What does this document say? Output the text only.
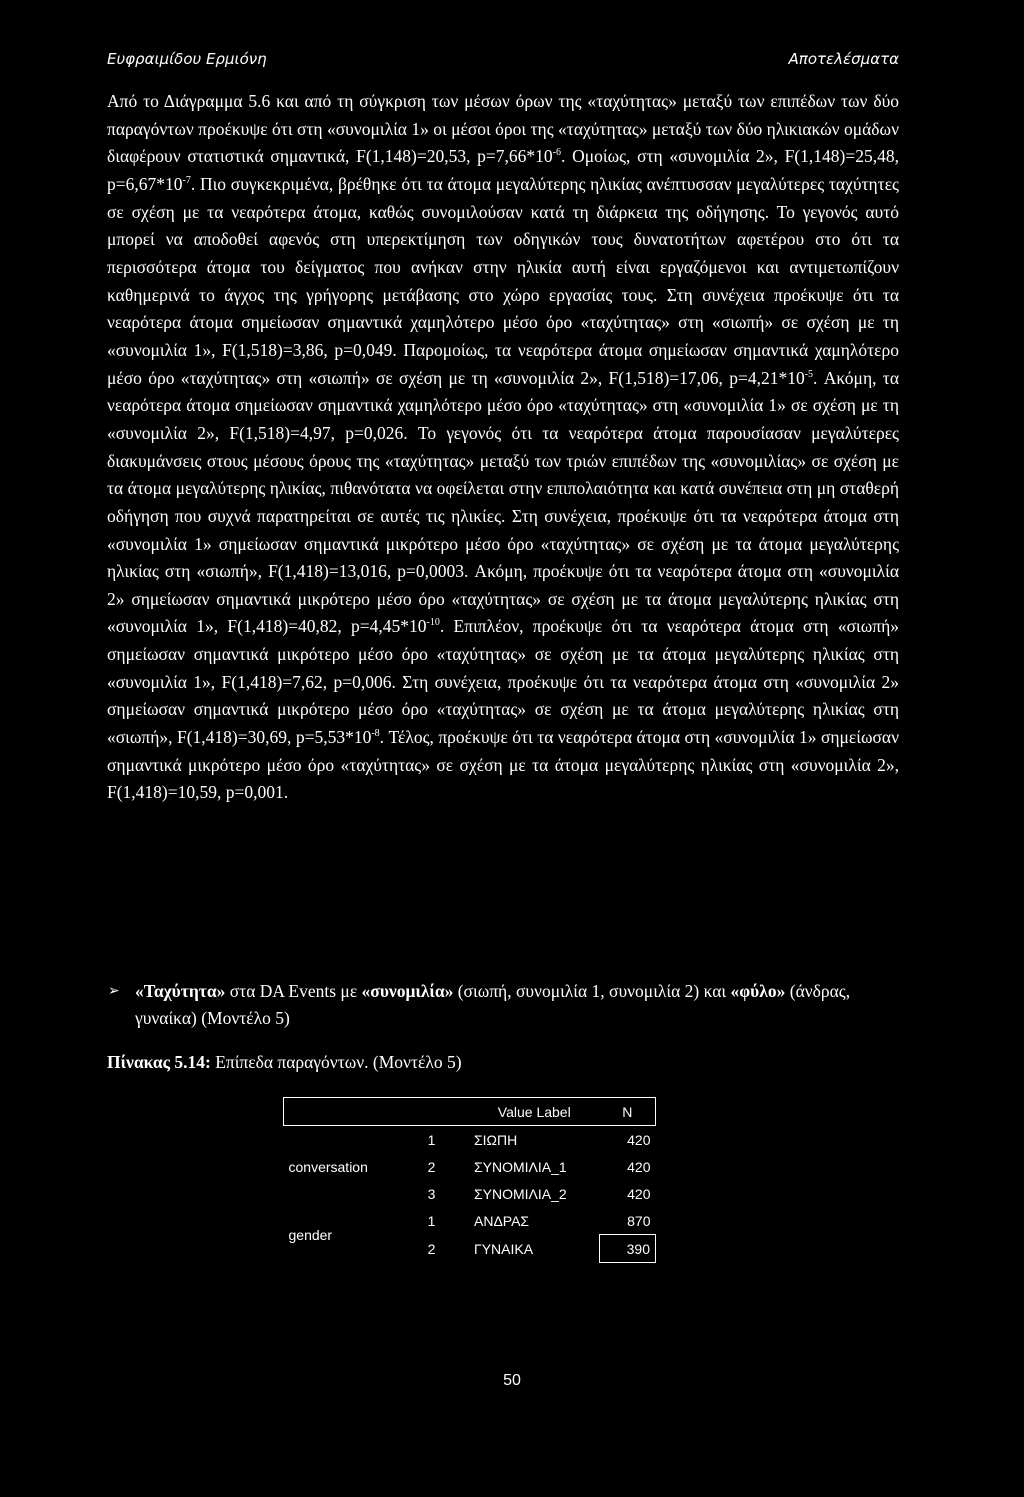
Ευφραιμίδου Ερμιόνη	Αποτελέσματα

Από το Διάγραμμα 5.6 και από τη σύγκριση των μέσων όρων της «ταχύτητας» μεταξύ των επιπέδων των δύο παραγόντων προέκυψε ότι στη «συνομιλία 1» οι μέσοι όροι της «ταχύτητας» μεταξύ των δύο ηλικιακών ομάδων διαφέρουν στατιστικά σημαντικά, F(1,148)=20,53, $p=7,66*10^{-6}$. Ομοίως, στη «συνομιλία 2», F(1,148)=25,48, $p=6,67*10^{-7}$. Πιο συγκεκριμένα, βρέθηκε ότι τα άτομα μεγαλύτερης ηλικίας ανέπτυσσαν μεγαλύτερες ταχύτητες σε σχέση με τα νεαρότερα άτομα, καθώς συνομιλούσαν κατά τη διάρκεια της οδήγησης. Το γεγονός αυτό μπορεί να αποδοθεί αφενός στη υπερεκτίμηση των οδηγικών τους δυνατοτήτων αφετέρου στο ότι τα περισσότερα άτομα του δείγματος που ανήκαν στην ηλικία αυτή είναι εργαζόμενοι και αντιμετωπίζουν καθημερινά το άγχος της γρήγορης μετάβασης στο χώρο εργασίας τους. Στη συνέχεια προέκυψε ότι τα νεαρότερα άτομα σημείωσαν σημαντικά χαμηλότερο μέσο όρο «ταχύτητας» στη «σιωπή» σε σχέση με τη «συνομιλία 1», F(1,518)=3,86, p=0,049. Παρομοίως, τα νεαρότερα άτομα σημείωσαν σημαντικά χαμηλότερο μέσο όρο «ταχύτητας» στη «σιωπή» σε σχέση με τη «συνομιλία 2», F(1,518)=17,06, $p=4,21*10^{-5}$. Ακόμη, τα νεαρότερα άτομα σημείωσαν σημαντικά χαμηλότερο μέσο όρο «ταχύτητας» στη «συνομιλία 1» σε σχέση με τη «συνομιλία 2», F(1,518)=4,97, p=0,026. Το γεγονός ότι τα νεαρότερα άτομα παρουσίασαν μεγαλύτερες διακυμάνσεις στους μέσους όρους της «ταχύτητας» μεταξύ των τριών επιπέδων της «συνομιλίας» σε σχέση με τα άτομα μεγαλύτερης ηλικίας, πιθανότατα να οφείλεται στην επιπολαιότητα και κατά συνέπεια στη μη σταθερή οδήγηση που συχνά παρατηρείται σε αυτές τις ηλικίες. Στη συνέχεια, προέκυψε ότι τα νεαρότερα άτομα στη «συνομιλία 1» σημείωσαν σημαντικά μικρότερο μέσο όρο «ταχύτητας» σε σχέση με τα άτομα μεγαλύτερης ηλικίας στη «σιωπή», F(1,418)=13,016, p=0,0003. Ακόμη, προέκυψε ότι τα νεαρότερα άτομα στη «συνομιλία 2» σημείωσαν σημαντικά μικρότερο μέσο όρο «ταχύτητας» σε σχέση με τα άτομα μεγαλύτερης ηλικίας στη «συνομιλία 1», F(1,418)=40,82, $p=4,45*10^{-10}$. Επιπλέον, προέκυψε ότι τα νεαρότερα άτομα στη «σιωπή» σημείωσαν σημαντικά μικρότερο μέσο όρο «ταχύτητας» σε σχέση με τα άτομα μεγαλύτερης ηλικίας στη «συνομιλία 1», F(1,418)=7,62, p=0,006. Στη συνέχεια, προέκυψε ότι τα νεαρότερα άτομα στη «συνομιλία 2» σημείωσαν σημαντικά μικρότερο μέσο όρο «ταχύτητας» σε σχέση με τα άτομα μεγαλύτερης ηλικίας στη «σιωπή», F(1,418)=30,69, $p=5,53*10^{-8}$. Τέλος, προέκυψε ότι τα νεαρότερα άτομα στη «συνομιλία 1» σημείωσαν σημαντικά μικρότερο μέσο όρο «ταχύτητας» σε σχέση με τα άτομα μεγαλύτερης ηλικίας στη «συνομιλία 2», F(1,418)=10,59, p=0,001.

➢ «Ταχύτητα» στα DA Events με «συνομιλία» (σιωπή, συνομιλία 1, συνομιλία 2) και «φύλο» (άνδρας, γυναίκα) (Μοντέλο 5)
Πίνακας 5.14: Επίπεδα παραγόντων. (Μοντέλο 5)
		Value Label	N
	1	ΣΙΩΠΗ	420
conversation	2	ΣΥΝΟΜΙΛΙΑ_1	420
	3	ΣΥΝΟΜΙΛΙΑ_2	420
gender	1	ΑΝΔΡΑΣ	870
	2	ΓΥΝΑΙΚΑ	390
50
